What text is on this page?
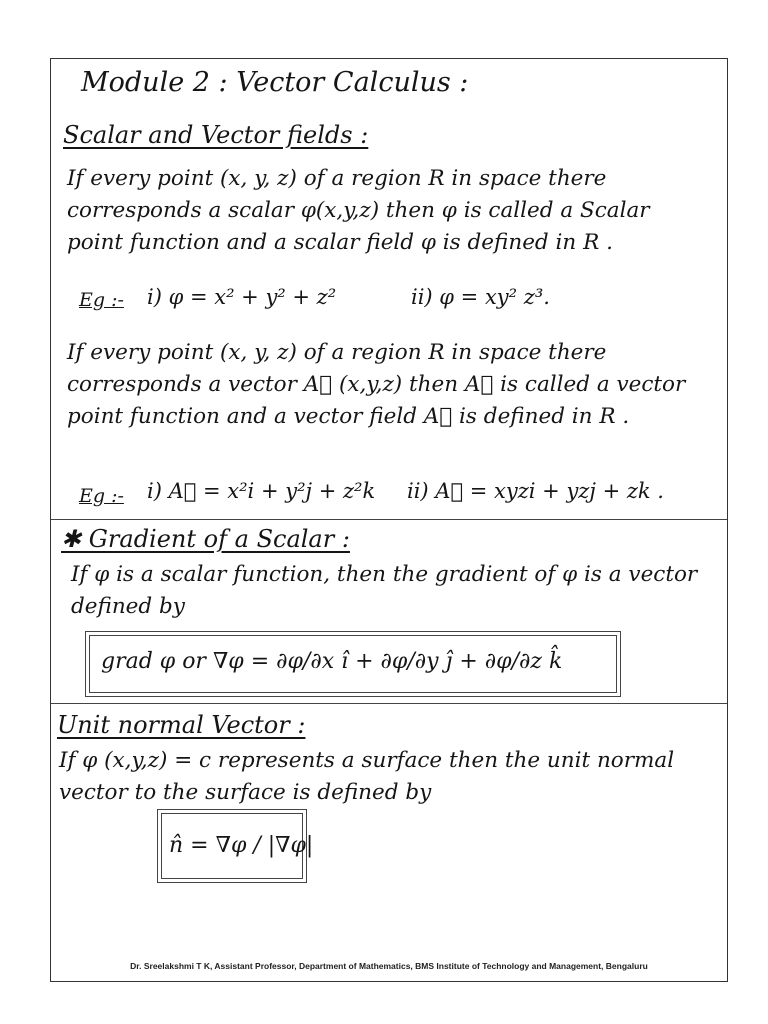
Module 2 : Vector Calculus :
Scalar and Vector fields :
If every point (x, y, z) of a region R in space there corresponds a scalar φ(x,y,z) then φ is called a Scalar point function and a scalar field φ is defined in R .
Eg :- i) φ = x² + y² + z²	ii) φ = xy² z³.
If every point (x, y, z) of a region R in space there corresponds a vector A⃗ (x,y,z) then A⃗ is called a vector point function and a vector field A⃗ is defined in R .
Eg :- i) A⃗ = x²i + y²j + z²k ii) A⃗ = xyzi + yzj + zk .
✱ Gradient of a Scalar :
If φ is a scalar function, then the gradient of φ is a vector defined by
grad φ or ∇φ = ∂φ/∂x î + ∂φ/∂y ĵ + ∂φ/∂z k̂
Unit normal Vector :
If φ (x,y,z) = c represents a surface then the unit normal vector to the surface is defined by
n̂ = ∇φ / |∇φ|
Dr. Sreelakshmi T K, Assistant Professor, Department of Mathematics, BMS Institute of Technology and Management, Bengaluru
